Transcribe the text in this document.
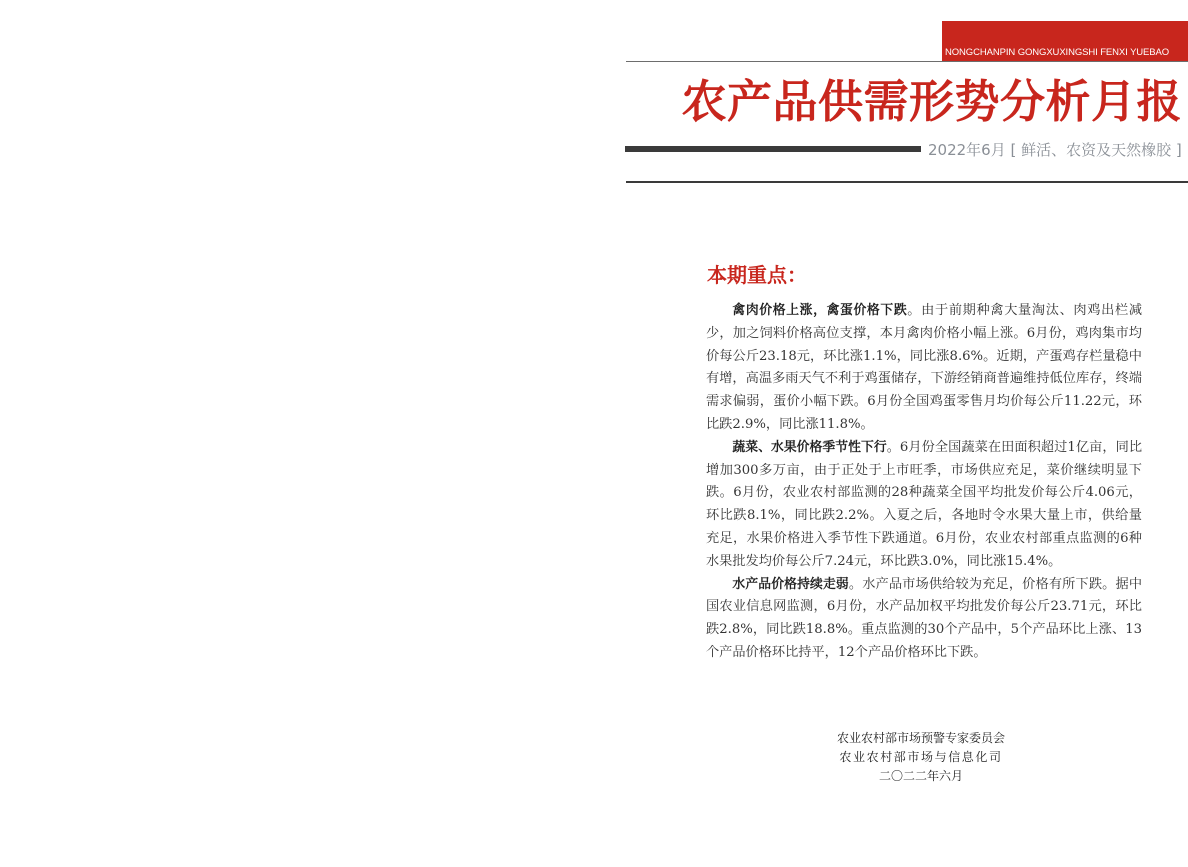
NONGCHANPIN GONGXUXINGSHI FENXI YUEBAO
农产品供需形势分析月报
2022年6月 [ 鲜活、农资及天然橡胶 ]
本期重点：

禽肉价格上涨，禽蛋价格下跌。由于前期种禽大量淘汰、肉鸡出栏减少，加之饲料价格高位支撑，本月禽肉价格小幅上涨。6月份，鸡肉集市均价每公斤23.18元，环比涨1.1%，同比涨8.6%。近期，产蛋鸡存栏量稳中有增，高温多雨天气不利于鸡蛋储存，下游经销商普遍维持低位库存，终端需求偏弱，蛋价小幅下跌。6月份全国鸡蛋零售月均价每公斤11.22元，环比跌2.9%，同比涨11.8%。

蔬菜、水果价格季节性下行。6月份全国蔬菜在田面积超过1亿亩，同比增加300多万亩，由于正处于上市旺季，市场供应充足，菜价继续明显下跌。6月份，农业农村部监测的28种蔬菜全国平均批发价每公斤4.06元，环比跌8.1%，同比跌2.2%。入夏之后，各地时令水果大量上市，供给量充足，水果价格进入季节性下跌通道。6月份，农业农村部重点监测的6种水果批发均价每公斤7.24元，环比跌3.0%，同比涨15.4%。

水产品价格持续走弱。水产品市场供给较为充足，价格有所下跌。据中国农业信息网监测，6月份，水产品加权平均批发价每公斤23.71元，环比跌2.8%，同比跌18.8%。重点监测的30个产品中，5个产品环比上涨、13个产品价格环比持平，12个产品价格环比下跌。

农业农村部市场预警专家委员会
农业农村部市场与信息化司
二〇二二年六月
